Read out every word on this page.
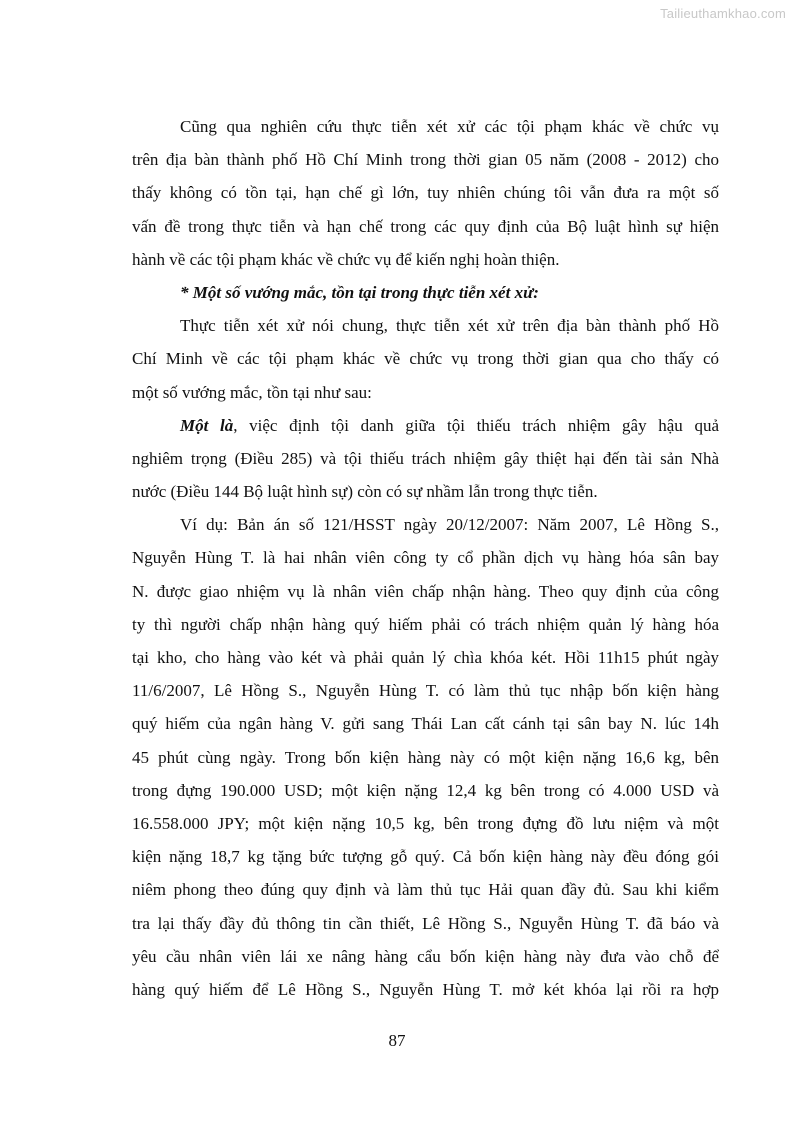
Tailieuthamkhao.com
Cũng qua nghiên cứu thực tiễn xét xử các tội phạm khác về chức vụ
trên địa bàn thành phố Hồ Chí Minh trong thời gian 05 năm (2008 - 2012) cho
thấy không có tồn tại, hạn chế gì lớn, tuy nhiên chúng tôi vẫn đưa ra một số
vấn đề trong thực tiễn và hạn chế trong các quy định của Bộ luật hình sự hiện
hành về các tội phạm khác về chức vụ để kiến nghị hoàn thiện.
* Một số vướng mắc, tồn tại trong thực tiễn xét xử:
Thực tiễn xét xử nói chung, thực tiễn xét xử trên địa bàn thành phố Hồ
Chí Minh về các tội phạm khác về chức vụ trong thời gian qua cho thấy có
một số vướng mắc, tồn tại như sau:
Một là, việc định tội danh giữa tội thiếu trách nhiệm gây hậu quả
nghiêm trọng (Điều 285) và tội thiếu trách nhiệm gây thiệt hại đến tài sản Nhà
nước (Điều 144 Bộ luật hình sự) còn có sự nhầm lẫn trong thực tiễn.
Ví dụ: Bản án số 121/HSST ngày 20/12/2007: Năm 2007, Lê Hồng S.,
Nguyễn Hùng T. là hai nhân viên công ty cổ phần dịch vụ hàng hóa sân bay
N. được giao nhiệm vụ là nhân viên chấp nhận hàng. Theo quy định của công
ty thì người chấp nhận hàng quý hiếm phải có trách nhiệm quản lý hàng hóa
tại kho, cho hàng vào két và phải quản lý chìa khóa két. Hồi 11h15 phút ngày
11/6/2007, Lê Hồng S., Nguyễn Hùng T. có làm thủ tục nhập bốn kiện hàng
quý hiếm của ngân hàng V. gửi sang Thái Lan cất cánh tại sân bay N. lúc 14h
45 phút cùng ngày. Trong bốn kiện hàng này có một kiện nặng 16,6 kg, bên
trong đựng 190.000 USD; một kiện nặng 12,4 kg bên trong có 4.000 USD và
16.558.000 JPY; một kiện nặng 10,5 kg, bên trong đựng đồ lưu niệm và một
kiện nặng 18,7 kg tặng bức tượng gỗ quý. Cả bốn kiện hàng này đều đóng gói
niêm phong theo đúng quy định và làm thủ tục Hải quan đầy đủ. Sau khi kiểm
tra lại thấy đầy đủ thông tin cần thiết, Lê Hồng S., Nguyễn Hùng T. đã báo và
yêu cầu nhân viên lái xe nâng hàng cẩu bốn kiện hàng này đưa vào chỗ để
hàng quý hiếm để Lê Hồng S., Nguyễn Hùng T. mở két khóa lại rồi ra hợp
87
